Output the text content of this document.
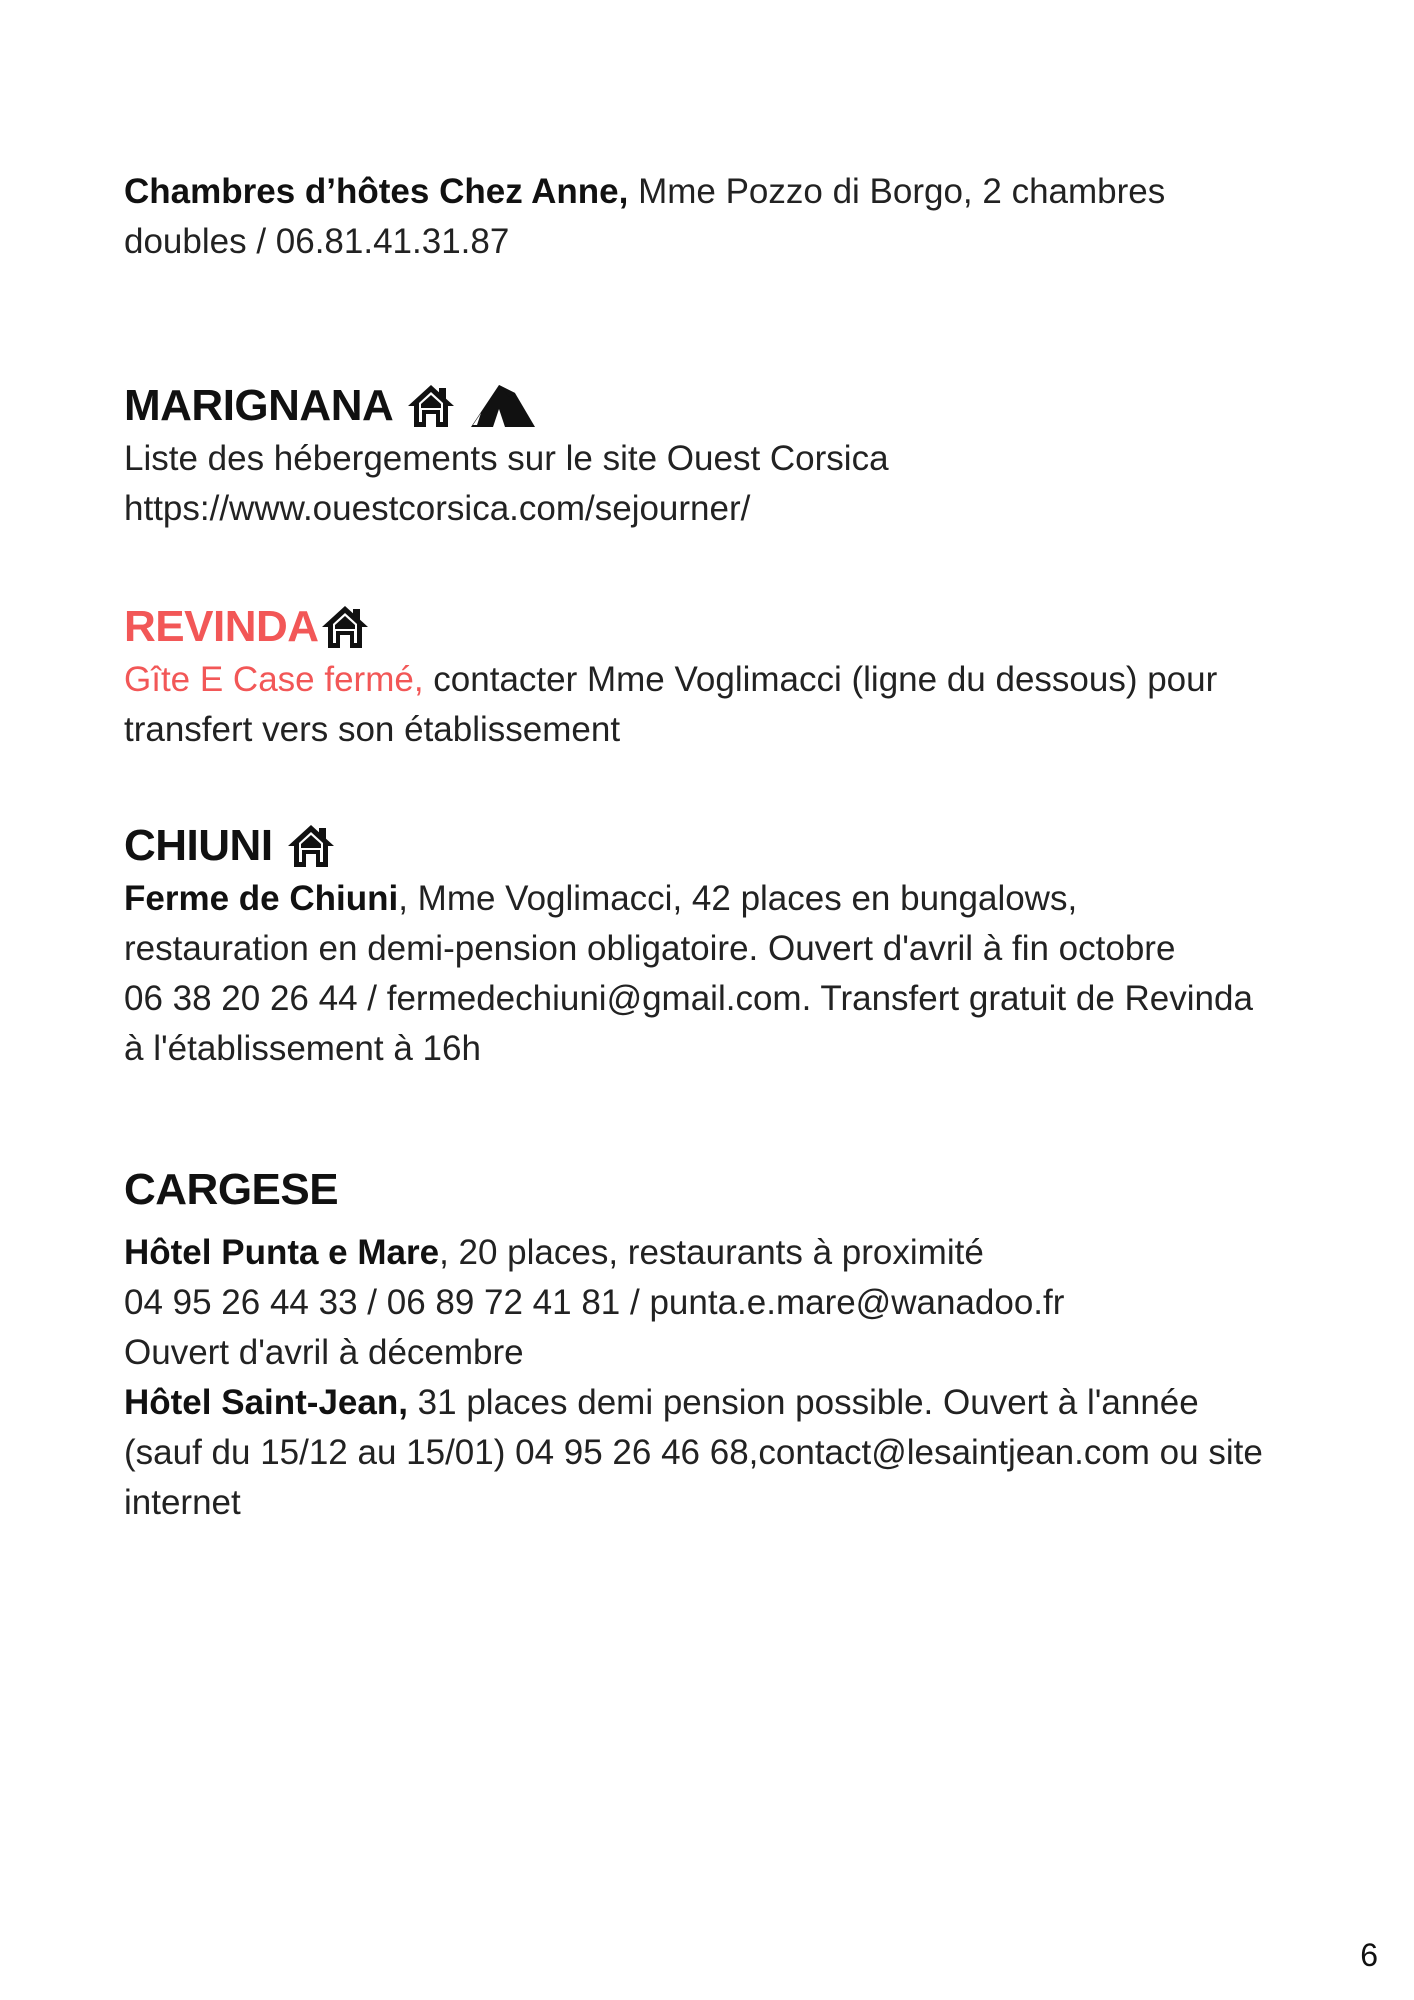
Chambres d’hôtes Chez Anne, Mme Pozzo di Borgo, 2 chambres

doubles / 06.81.41.31.87

MARIGNANA

Liste des hébergements sur le site Ouest Corsica

https://www.ouestcorsica.com/sejourner/

REVINDA

Gîte E Case fermé, contacter Mme Voglimacci (ligne du dessous) pour

transfert vers son établissement

CHIUNI

Ferme de Chiuni, Mme Voglimacci, 42 places en bungalows,

restauration en demi-pension obligatoire. Ouvert d'avril à fin octobre

06 38 20 26 44 / fermedechiuni@gmail.com. Transfert gratuit de Revinda

à l'établissement à 16h

CARGESE

Hôtel Punta e Mare, 20 places, restaurants à proximité

04 95 26 44 33 / 06 89 72 41 81 / punta.e.mare@wanadoo.fr

Ouvert d'avril à décembre

Hôtel Saint-Jean, 31 places demi pension possible. Ouvert à l'année

(sauf du 15/12 au 15/01) 04 95 26 46 68,contact@lesaintjean.com ou site

internet

6
